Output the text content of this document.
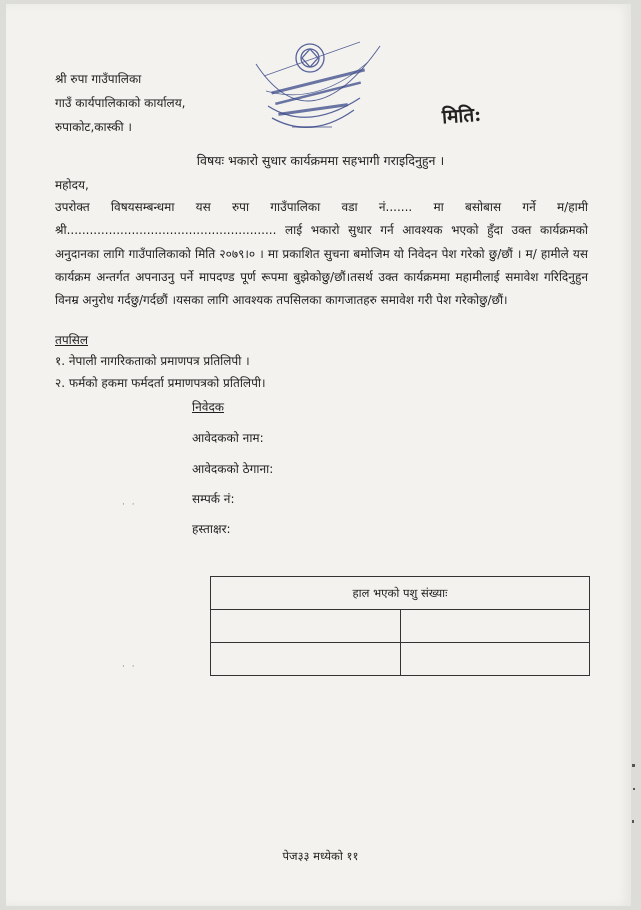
श्री रुपा गाउँपालिका
गाउँ कार्यपालिकाको कार्यालय,
रुपाकोट,कास्की ।	मिति:
विषयः भकारो सुधार कार्यक्रममा सहभागी गराइदिनुहुन ।
महोदय,
उपरोक्त विषयसम्बन्धमा यस रुपा गाउँपालिका वडा नं....... मा बसोबास गर्ने म/हामी श्री....................................................... लाई भकारो सुधार गर्न आवश्यक भएको हुँदा उक्त कार्यक्रमको अनुदानका लागि गाउँपालिकाको मिति २०७९।० । मा प्रकाशित सुचना बमोजिम यो निवेदन पेश गरेको छु/छौं । म/ हामीले यस कार्यक्रम अन्तर्गत अपनाउनु पर्ने मापदण्ड पूर्ण रूपमा बुझेकोछु/छौं।तसर्थ उक्त कार्यक्रममा महामीलाई समावेश गरिदिनुहुन विनम्र अनुरोध गर्दछु/गर्दछौं ।यसका लागि आवश्यक तपसिलका कागजातहरु समावेश गरी पेश गरेकोछु/छौं।
तपसिल
१. नेपाली नागरिकताको प्रमाणपत्र प्रतिलिपी ।
२. फर्मको हकमा फर्मदर्ता प्रमाणपत्रको प्रतिलिपी।
निवेदक
आवेदकको नाम:
आवेदकको ठेगाना:
सम्पर्क नं:
हस्ताक्षर:
· ·
· ·
हाल भएको पशु संख्याः	

पेज३३ मध्येको ११
